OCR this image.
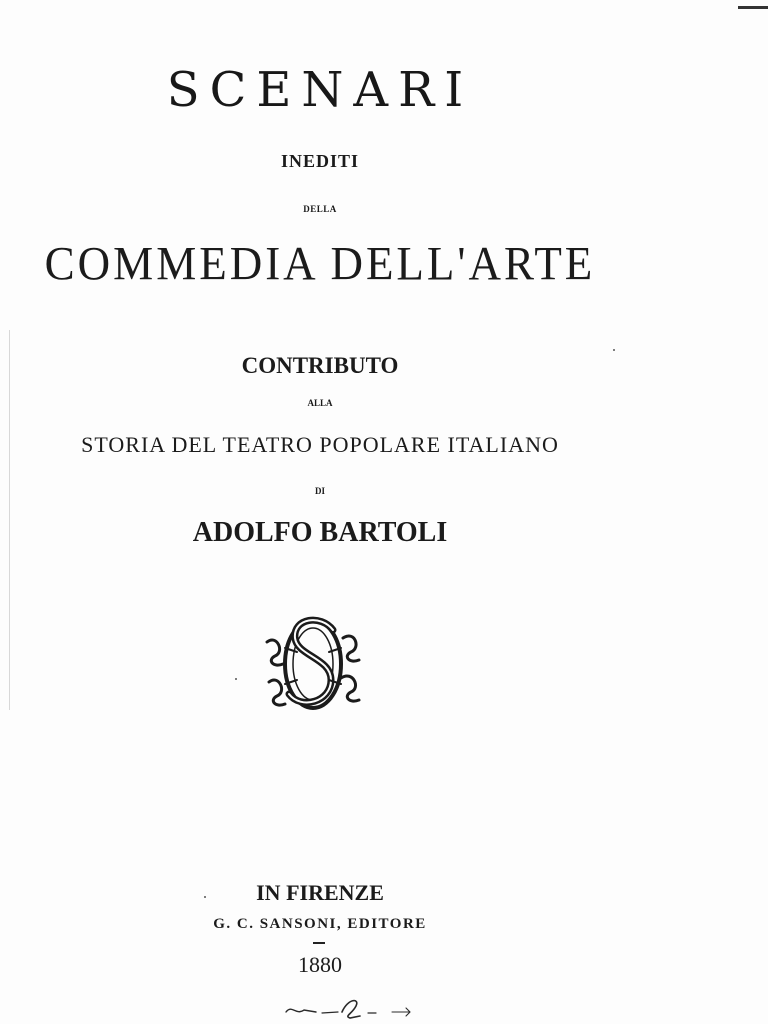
SCENARI
INEDITI
DELLA
COMMEDIA DELL'ARTE
CONTRIBUTO
ALLA
STORIA DEL TEATRO POPOLARE ITALIANO
DI
ADOLFO BARTOLI
IN FIRENZE
G. C. SANSONI, EDITORE
1880
